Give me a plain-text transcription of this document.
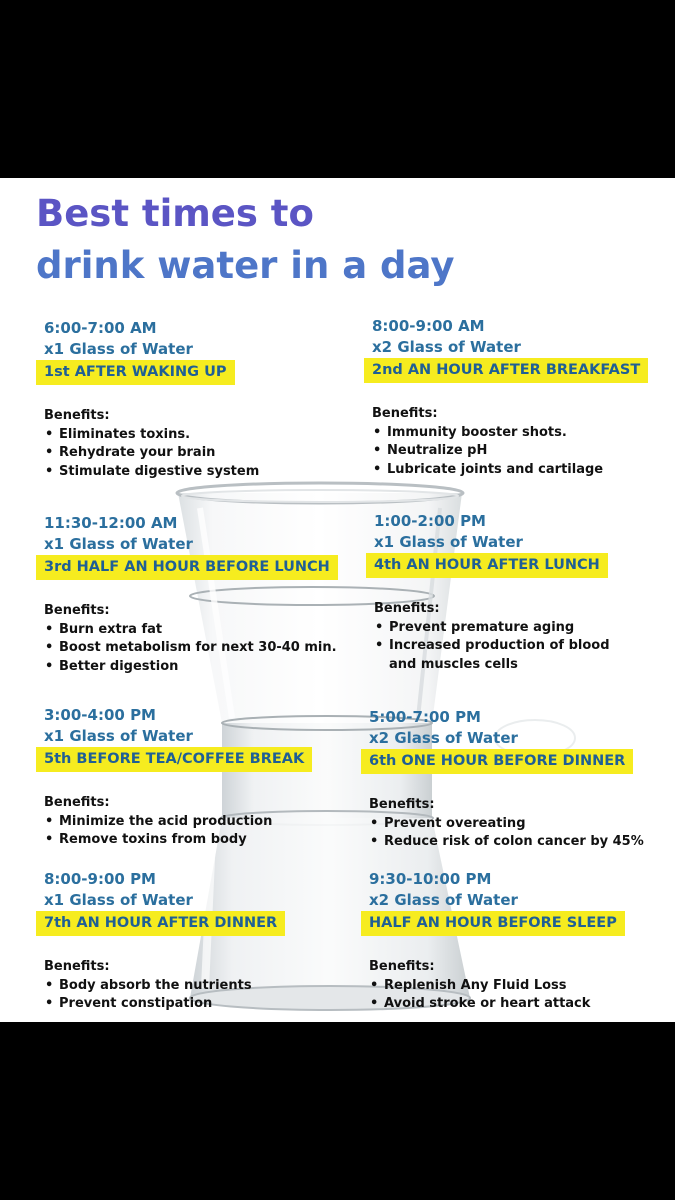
Best times to
drink water in a day
6:00-7:00 AM
x1 Glass of Water
1st AFTER WAKING UP
Benefits:
• Eliminates toxins.
• Rehydrate your brain
• Stimulate digestive system
8:00-9:00 AM
x2 Glass of Water
2nd AN HOUR AFTER BREAKFAST
Benefits:
• Immunity booster shots.
• Neutralize pH
• Lubricate joints and cartilage
11:30-12:00 AM
x1 Glass of Water
3rd HALF AN HOUR BEFORE LUNCH
Benefits:
• Burn extra fat
• Boost metabolism for next 30-40 min.
• Better digestion
1:00-2:00 PM
x1 Glass of Water
4th AN HOUR AFTER LUNCH
Benefits:
• Prevent premature aging
• Increased production of blood
and muscles cells
3:00-4:00 PM
x1 Glass of Water
5th BEFORE TEA/COFFEE BREAK
Benefits:
• Minimize the acid production
• Remove toxins from body
5:00-7:00 PM
x2 Glass of Water
6th ONE HOUR BEFORE DINNER
Benefits:
• Prevent overeating
• Reduce risk of colon cancer by 45%
8:00-9:00 PM
x1 Glass of Water
7th AN HOUR AFTER DINNER
Benefits:
• Body absorb the nutrients
• Prevent constipation
9:30-10:00 PM
x2 Glass of Water
HALF AN HOUR BEFORE SLEEP
Benefits:
• Replenish Any Fluid Loss
• Avoid stroke or heart attack
